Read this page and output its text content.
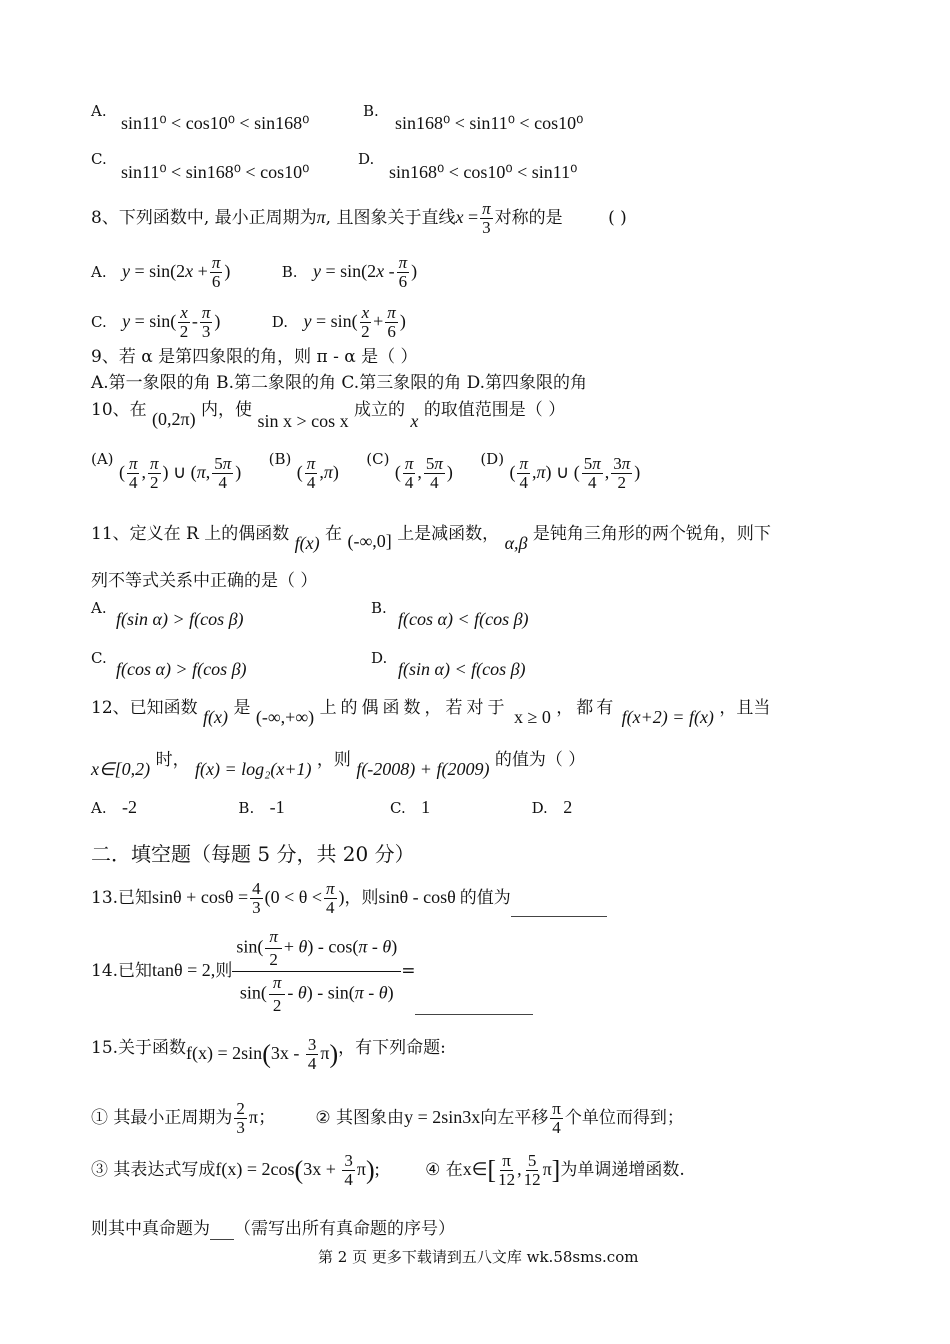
A.
sin11⁰ < cos10⁰ < sin168⁰
B.
sin168⁰ < sin11⁰ < cos10⁰
C.
sin11⁰ < sin168⁰ < cos10⁰
D.
sin168⁰ < cos10⁰ < sin11⁰
8、下列函数中, 最小正周期为π, 且图象关于直线$x = \frac{\pi}{3}$ 对称的是	( )
A. $y = \sin(2x + \frac{\pi}{6}$ )	B. $y = \sin(2x - \frac{\pi}{6}$ )
C. $y = \sin( \frac{x}{2} - \frac{\pi}{3}$ )	D. $y = \sin( \frac{x}{2} + \frac{\pi}{6}$ )
9、若 α 是第四象限的角，则 π - α 是（ ）
A.第一象限的角 B.第二象限的角 C.第三象限的角 D.第四象限的角
10、在 (0,2π) 内，使 sin x > cos x 成立的 x 的取值范围是（ ）
(A) ( $\frac{\pi}{4}$ , $\frac{\pi}{2}$ ) ∪ (π, $\frac{5\pi}{4}$ ) (B) ( $\frac{\pi}{4} ,\pi$) (C) ( $\frac{\pi}{4}$ , $\frac{5\pi}{4}$ ) (D) ( $\frac{\pi}{4} ,\pi$) ∪ ( $\frac{5\pi}{4}$ , $\frac{3\pi}{2}$ )
11、定义在 R 上的偶函数 f(x) 在 (-∞,0] 上是减函数， α,β 是钝角三角形的两个锐角，则下
列不等式关系中正确的是（ ）
A.
f(sin α) > f(cos β)
B.
f(cos α) < f(cos β)
C.
f(cos α) > f(cos β)
D.
f(sin α) < f(cos β)
12、已知函数 f(x) 是 (-∞,+∞) 上的偶函数，若对于 x ≥ 0 ，都有 f(x+2) = f(x) ，且当
x∈[0,2) 时， f(x) = log₂(x+1) ，则 f(-2008) + f(2009) 的值为（ ）
A. -2	B. -1	C. 1	D. 2
二．填空题（每题 5 分，共 20 分）
13.已知$\sin\theta + \cos\theta = \frac{4}{3} (0 < \theta < \frac{\pi}{4}$ )，则sinθ - cosθ 的值为
14.已知tanθ = 2,则 $\frac{\sin( \frac{\pi}{2} + \theta) - \cos(\pi - \theta)}{\sin( \frac{\pi}{2} - \theta) - \sin(\pi - \theta)}$ =
15.关于函数$f(x) = 2\sin(3x - \frac{3}{4} \pi)$，有下列命题:
① 其最小正周期为 $\frac{2}{3}$ π； ② 其图象由y = 2sin3x向左平移 $\frac{\pi}{4}$ 个单位而得到；
③ 其表达式写成$f(x) = 2\cos(3x + \frac{3}{4} \pi)$;	④ 在x∈[ $\frac{\pi}{12}$ , $\frac{5}{12} \pi$]为单调递增函数.
则其中真命题为 （需写出所有真命题的序号）
第 2 页 更多下载请到五八文库 wk.58sms.com
